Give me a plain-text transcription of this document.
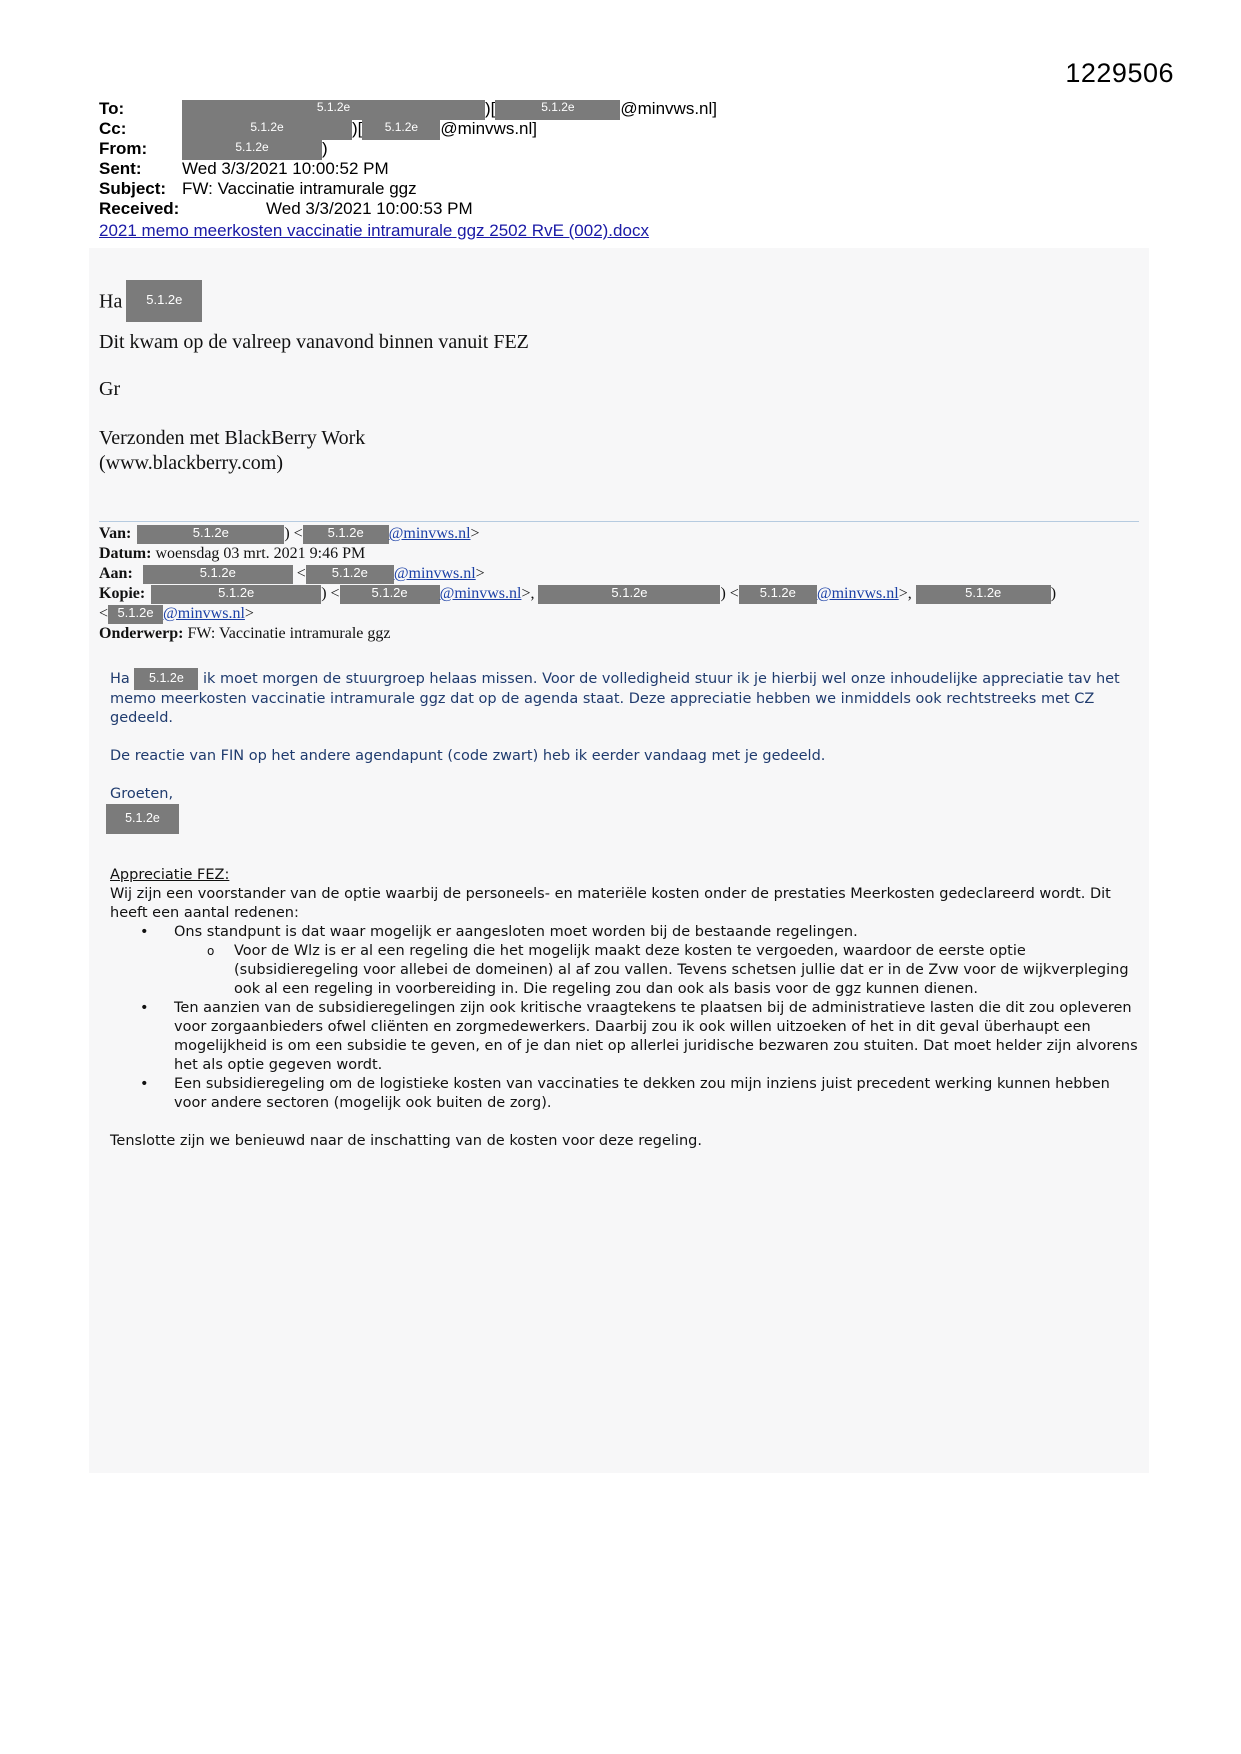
1229506
To:	5.1.2e	)[	5.1.2e	@minvws.nl]
Cc:	5.1.2e	)[ 5.1.2e @minvws.nl]
From:	5.1.2e	)
Sent: Wed 3/3/2021 10:00:52 PM
Subject: FW: Vaccinatie intramurale ggz
Received:	Wed 3/3/2021 10:00:53 PM
2021 memo meerkosten vaccinatie intramurale ggz 2502 RvE (002).docx
Ha 5.1.2e
Dit kwam op de valreep vanavond binnen vanuit FEZ
Gr
Verzonden met BlackBerry Work
(www.blackberry.com)
Van:	5.1.2e	) < 5.1.2e @minvws.nl>
Datum: woensdag 03 mrt. 2021 9:46 PM
Aan:	5.1.2e	< 5.1.2e @minvws.nl>
Kopie:	5.1.2e	) < 5.1.2e @minvws.nl>,	5.1.2e	) < 5.1.2e @minvws.nl>,	5.1.2e	)
< 5.1.2e @minvws.nl>
Onderwerp: FW: Vaccinatie intramurale ggz

Ha 5.1.2e ik moet morgen de stuurgroep helaas missen. Voor de volledigheid stuur ik je hierbij wel onze inhoudelijke appreciatie tav het memo meerkosten vaccinatie intramurale ggz dat op de agenda staat. Deze appreciatie hebben we inmiddels ook rechtstreeks met CZ gedeeld.

De reactie van FIN op het andere agendapunt (code zwart) heb ik eerder vandaag met je gedeeld.

Groeten,

5.1.2e

Appreciatie FEZ:
Wij zijn een voorstander van de optie waarbij de personeels- en materiële kosten onder de prestaties Meerkosten gedeclareerd wordt. Dit heeft een aantal redenen:
• Ons standpunt is dat waar mogelijk er aangesloten moet worden bij de bestaande regelingen.
o Voor de Wlz is er al een regeling die het mogelijk maakt deze kosten te vergoeden, waardoor de eerste optie (subsidieregeling voor allebei de domeinen) al af zou vallen. Tevens schetsen jullie dat er in de Zvw voor de wijkverpleging ook al een regeling in voorbereiding in. Die regeling zou dan ook als basis voor de ggz kunnen dienen.
• Ten aanzien van de subsidieregelingen zijn ook kritische vraagtekens te plaatsen bij de administratieve lasten die dit zou opleveren voor zorgaanbieders ofwel cliënten en zorgmedewerkers. Daarbij zou ik ook willen uitzoeken of het in dit geval überhaupt een mogelijkheid is om een subsidie te geven, en of je dan niet op allerlei juridische bezwaren zou stuiten. Dat moet helder zijn alvorens het als optie gegeven wordt.
• Een subsidieregeling om de logistieke kosten van vaccinaties te dekken zou mijn inziens juist precedent werking kunnen hebben voor andere sectoren (mogelijk ook buiten de zorg).
Tenslotte zijn we benieuwd naar de inschatting van de kosten voor deze regeling.
